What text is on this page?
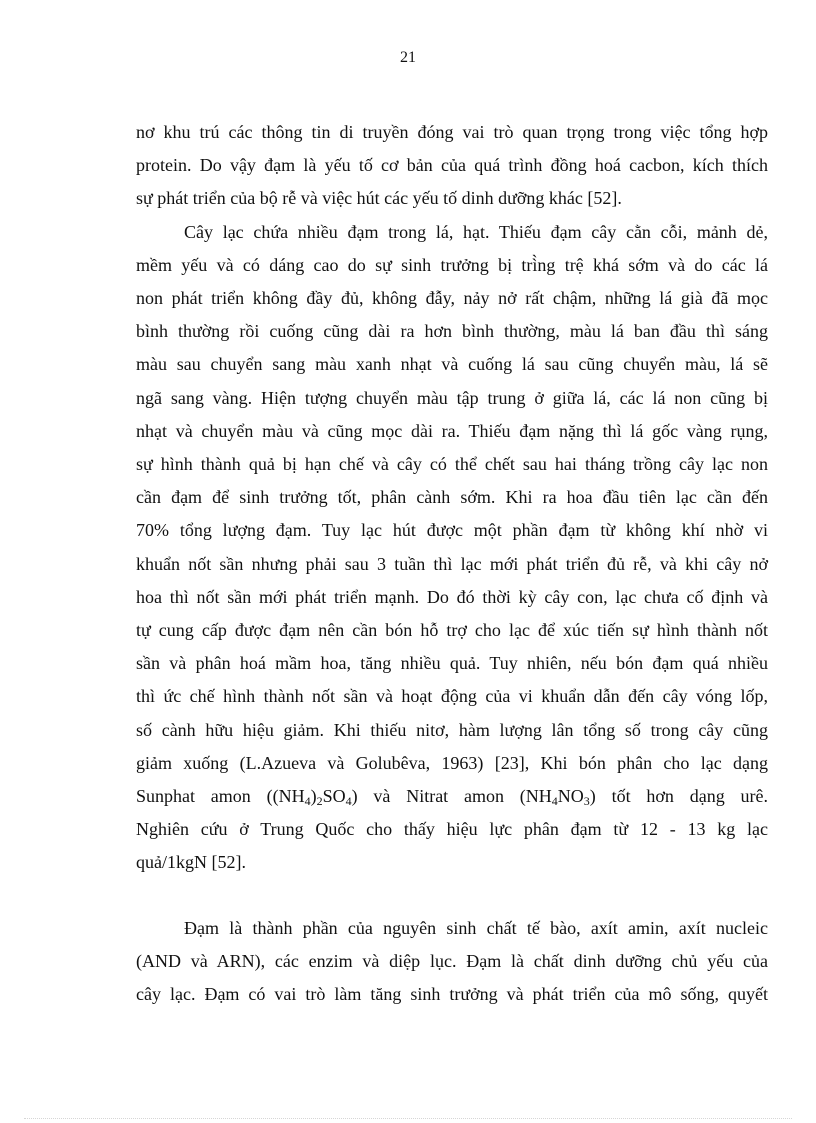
21
nơ khu trú các thông tin di truyền đóng vai trò quan trọng trong việc tổng hợp
protein. Do vậy đạm là yếu tố cơ bản của quá trình đồng hoá cacbon, kích thích
sự phát triển của bộ rễ và việc hút các yếu tố dinh dưỡng khác [52].
Cây lạc chứa nhiều đạm trong lá, hạt. Thiếu đạm cây cằn cỗi, mảnh dẻ,
mềm yếu và có dáng cao do sự sinh trưởng bị trì̀ng trệ khá sớm và do các lá
non phát triển không đầy đủ, không đẫy, nảy nở rất chậm, những lá già đã mọc
bình thường rồi cuống cũng dài ra hơn bình thường, màu lá ban đầu thì sáng
màu sau chuyển sang màu xanh nhạt và cuống lá sau cũng chuyển màu, lá sẽ
ngã sang vàng. Hiện tượng chuyển màu tập trung ở giữa lá, các lá non cũng bị
nhạt và chuyển màu và cũng mọc dài ra. Thiếu đạm nặng thì lá gốc vàng rụng,
sự hình thành quả bị hạn chế và cây có thể chết sau hai tháng trồng cây lạc non
cần đạm để sinh trưởng tốt, phân cành sớm. Khi ra hoa đầu tiên lạc cần đến
70% tổng lượng đạm. Tuy lạc hút được một phần đạm từ không khí nhờ vi
khuẩn nốt sần nhưng phải sau 3 tuần thì lạc mới phát triển đủ rễ, và khi cây nở
hoa thì nốt sần mới phát triển mạnh. Do đó thời kỳ cây con, lạc chưa cố định và
tự cung cấp được đạm nên cần bón hỗ trợ cho lạc để xúc tiến sự hình thành nốt
sần và phân hoá mầm hoa, tăng nhiều quả. Tuy nhiên, nếu bón đạm quá nhiều
thì ức chế hình thành nốt sần và hoạt động của vi khuẩn dẫn đến cây vóng lốp,
số cành hữu hiệu giảm. Khi thiếu nitơ, hàm lượng lân tổng số trong cây cũng
giảm xuống (L.Azueva và Golubêva, 1963) [23], Khi bón phân cho lạc dạng
Sunphat amon $((NH_4)_2SO_4)$ và Nitrat amon $(NH_4NO_3)$ tốt hơn dạng urê.
Nghiên cứu ở Trung Quốc cho thấy hiệu lực phân đạm từ 12 - 13 kg lạc
quả/1kgN [52].
Đạm là thành phần của nguyên sinh chất tế bào, axít amin, axít nucleic
(AND và ARN), các enzim và diệp lục. Đạm là chất dinh dưỡng chủ yếu của
cây lạc. Đạm có vai trò làm tăng sinh trưởng và phát triển của mô sống, quyết
